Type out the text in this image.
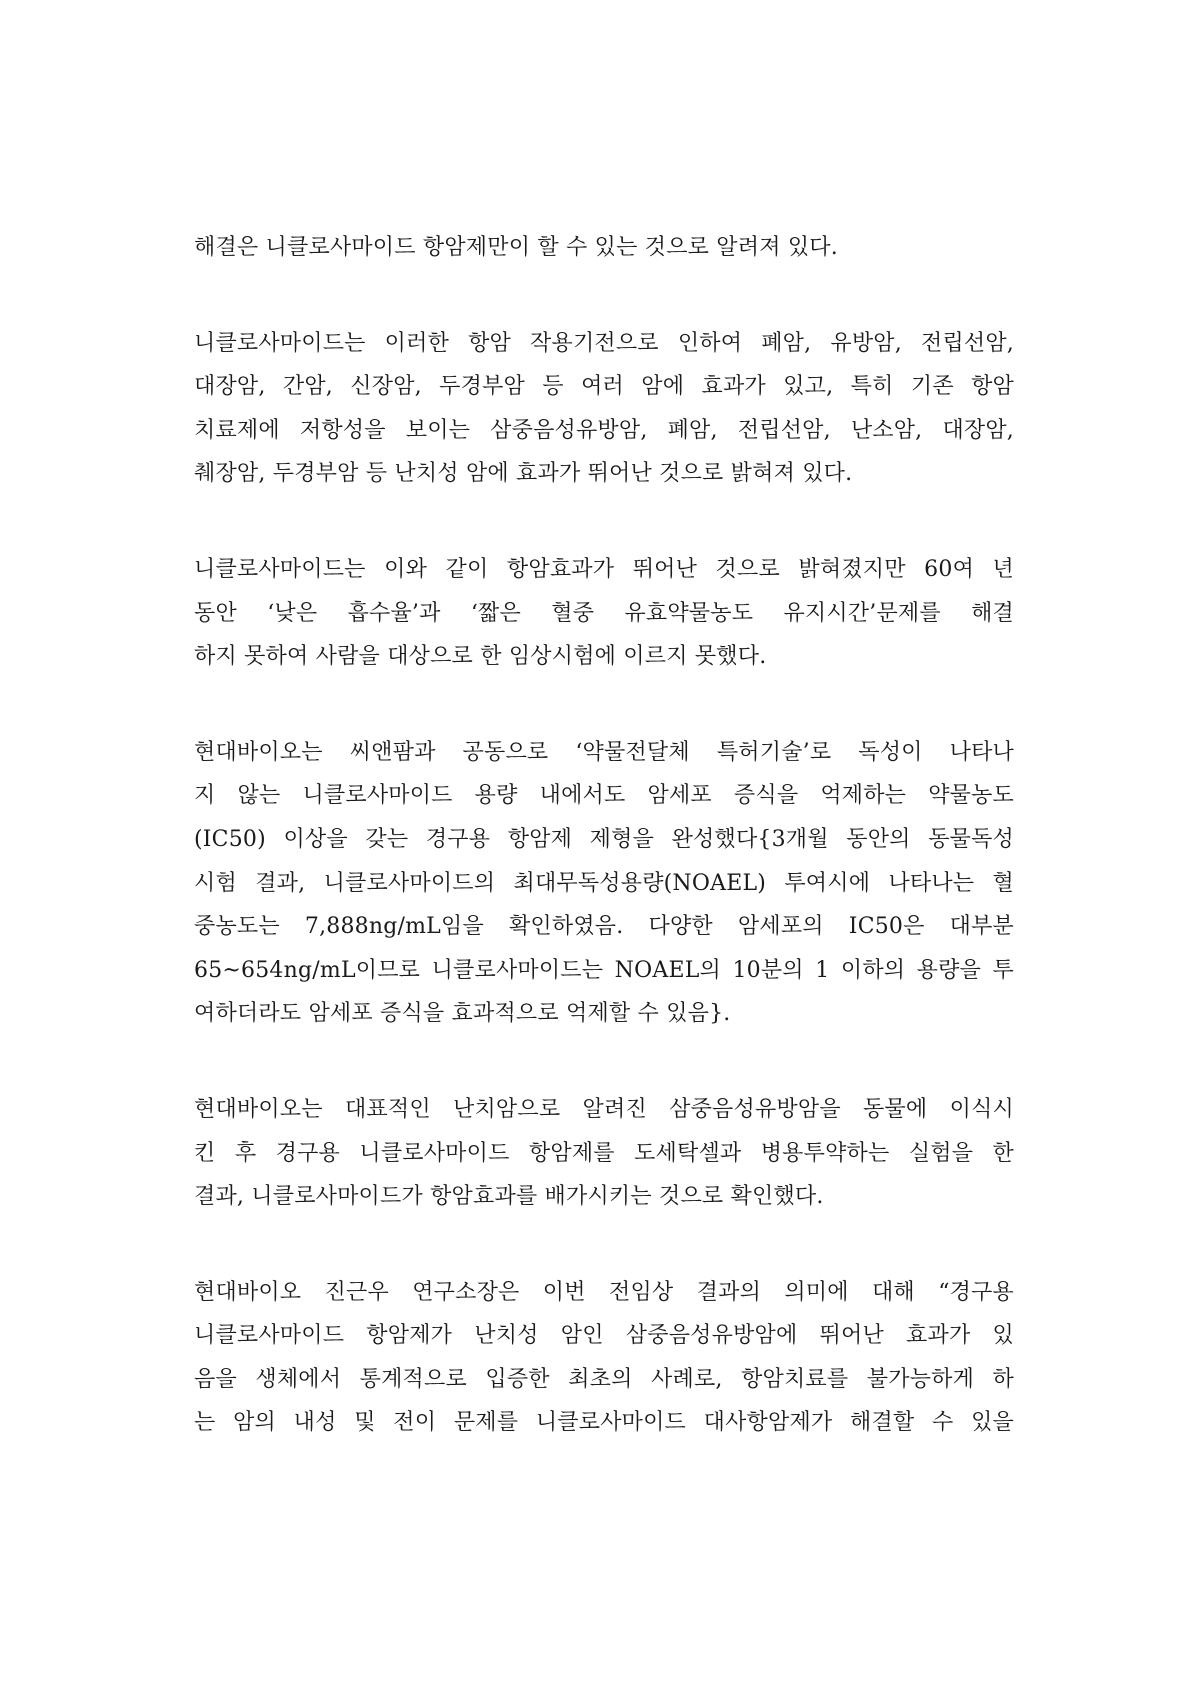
해결은 니클로사마이드 항암제만이 할 수 있는 것으로 알려져 있다.

니클로사마이드는 이러한 항암 작용기전으로 인하여 폐암, 유방암, 전립선암,
대장암, 간암, 신장암, 두경부암 등 여러 암에 효과가 있고, 특히 기존 항암
치료제에 저항성을 보이는 삼중음성유방암, 폐암, 전립선암, 난소암, 대장암,
췌장암, 두경부암 등 난치성 암에 효과가 뛰어난 것으로 밝혀져 있다.

니클로사마이드는 이와 같이 항암효과가 뛰어난 것으로 밝혀졌지만 60여 년
동안 ‘낮은 흡수율’과 ‘짧은 혈중 유효약물농도 유지시간’문제를 해결
하지 못하여 사람을 대상으로 한 임상시험에 이르지 못했다.

현대바이오는 씨앤팜과 공동으로 ‘약물전달체 특허기술’로 독성이 나타나
지 않는 니클로사마이드 용량 내에서도 암세포 증식을 억제하는 약물농도
(IC50) 이상을 갖는 경구용 항암제 제형을 완성했다{3개월 동안의 동물독성
시험 결과, 니클로사마이드의 최대무독성용량(NOAEL) 투여시에 나타나는 혈
중농도는 7,888ng/mL임을 확인하였음. 다양한 암세포의 IC50은 대부분
65~654ng/mL이므로 니클로사마이드는 NOAEL의 10분의 1 이하의 용량을 투
여하더라도 암세포 증식을 효과적으로 억제할 수 있음}.

현대바이오는 대표적인 난치암으로 알려진 삼중음성유방암을 동물에 이식시
킨 후 경구용 니클로사마이드 항암제를 도세탁셀과 병용투약하는 실험을 한
결과, 니클로사마이드가 항암효과를 배가시키는 것으로 확인했다.

현대바이오 진근우 연구소장은 이번 전임상 결과의 의미에 대해 “경구용
니클로사마이드 항암제가 난치성 암인 삼중음성유방암에 뛰어난 효과가 있
음을 생체에서 통계적으로 입증한 최초의 사례로, 항암치료를 불가능하게 하
는 암의 내성 및 전이 문제를 니클로사마이드 대사항암제가 해결할 수 있을
